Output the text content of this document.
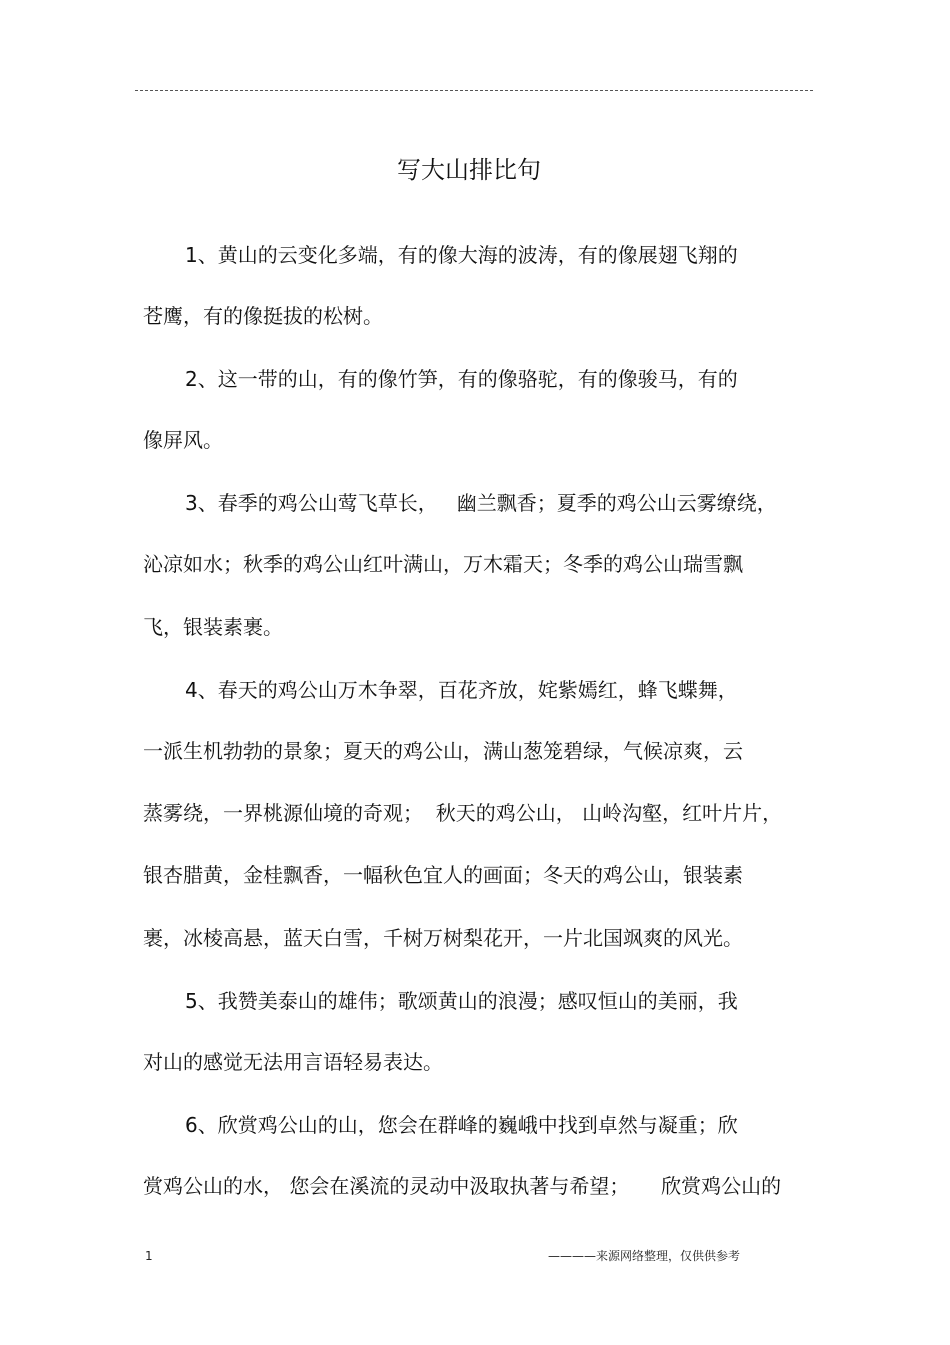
写大山排比句
1、黄山的云变化多端，有的像大海的波涛，有的像展翅飞翔的
苍鹰，有的像挺拔的松树。
2、这一带的山，有的像竹笋，有的像骆驼，有的像骏马，有的
像屏风。
3、春季的鸡公山莺飞草长，   幽兰飘香；夏季的鸡公山云雾缭绕，
沁凉如水；秋季的鸡公山红叶满山，万木霜天；冬季的鸡公山瑞雪飘
飞，银装素裹。
4、春天的鸡公山万木争翠，百花齐放，姹紫嫣红，蜂飞蝶舞，
一派生机勃勃的景象；夏天的鸡公山，满山葱笼碧绿，气候凉爽，云
蒸雾绕，一界桃源仙境的奇观；  秋天的鸡公山， 山岭沟壑，红叶片片，
银杏腊黄，金桂飘香，一幅秋色宜人的画面；冬天的鸡公山，银装素
裹，冰棱高悬，蓝天白雪，千树万树梨花开，一片北国飒爽的风光。
5、我赞美泰山的雄伟；歌颂黄山的浪漫；感叹恒山的美丽，我
对山的感觉无法用言语轻易表达。
6、欣赏鸡公山的山，您会在群峰的巍峨中找到卓然与凝重；欣
赏鸡公山的水， 您会在溪流的灵动中汲取执著与希望；     欣赏鸡公山的
1	————来源网络整理，仅供供参考
